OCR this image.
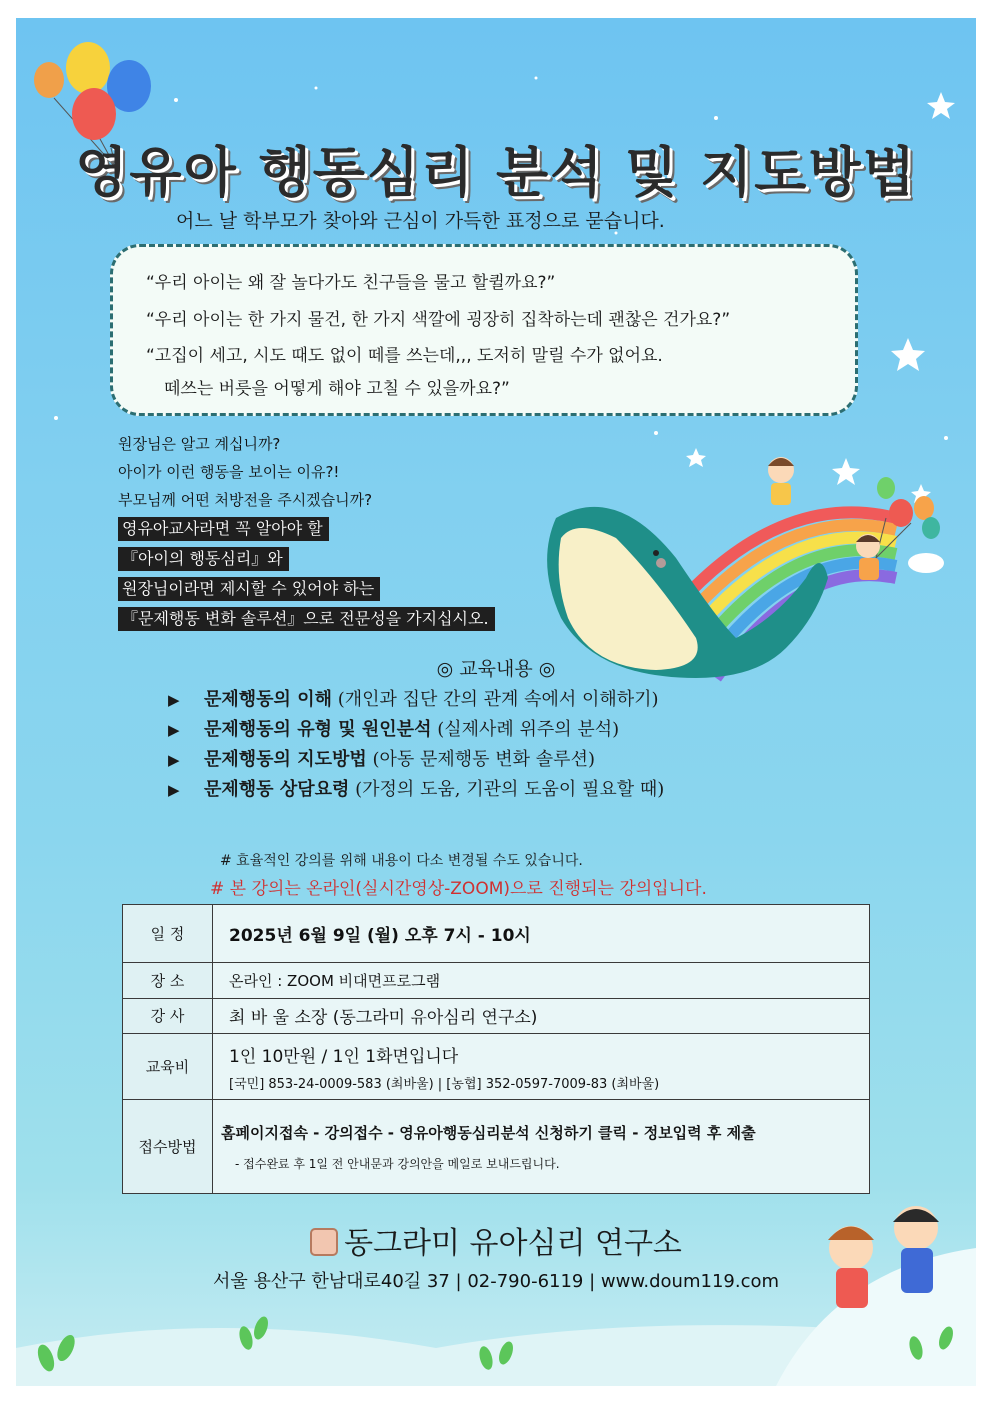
영유아 행동심리 분석 및 지도방법
어느 날 학부모가 찾아와 근심이 가득한 표정으로 묻습니다.
“우리 아이는 왜 잘 놀다가도 친구들을 물고 할퀼까요?”
“우리 아이는 한 가지 물건, 한 가지 색깔에 굉장히 집착하는데 괜찮은 건가요?”
“고집이 세고, 시도 때도 없이 떼를 쓰는데,,, 도저히 말릴 수가 없어요.
떼쓰는 버릇을 어떻게 해야 고칠 수 있을까요?”
원장님은 알고 계십니까?
아이가 이런 행동을 보이는 이유?!
부모님께 어떤 처방전을 주시겠습니까?
영유아교사라면 꼭 알아야 할
『아이의 행동심리』와
원장님이라면 제시할 수 있어야 하는
『문제행동 변화 솔루션』으로 전문성을 가지십시오.
◎ 교육내용 ◎
▶ 문제행동의 이해 (개인과 집단 간의 관계 속에서 이해하기)
▶ 문제행동의 유형 및 원인분석 (실제사례 위주의 분석)
▶ 문제행동의 지도방법 (아동 문제행동 변화 솔루션)
▶ 문제행동 상담요령 (가정의 도움, 기관의 도움이 필요할 때)
# 효율적인 강의를 위해 내용이 다소 변경될 수도 있습니다.
# 본 강의는 온라인(실시간영상-ZOOM)으로 진행되는 강의입니다.
일 정	2025년 6월 9일 (월) 오후 7시 - 10시
장 소	온라인 : ZOOM 비대면프로그램
강 사	최 바 울 소장 (동그라미 유아심리 연구소)
교육비	1인 10만원 / 1인 1화면입니다
[국민] 853-24-0009-583 (최바울) | [농협] 352-0597-7009-83 (최바울)

접수방법	홈페이지접속 - 강의접수 - 영유아행동심리분석 신청하기 클릭 - 정보입력 후 제출
- 접수완료 후 1일 전 안내문과 강의안을 메일로 보내드립니다.
동그라미 유아심리 연구소
서울 용산구 한남대로40길 37 | 02-790-6119 | www.doum119.com
